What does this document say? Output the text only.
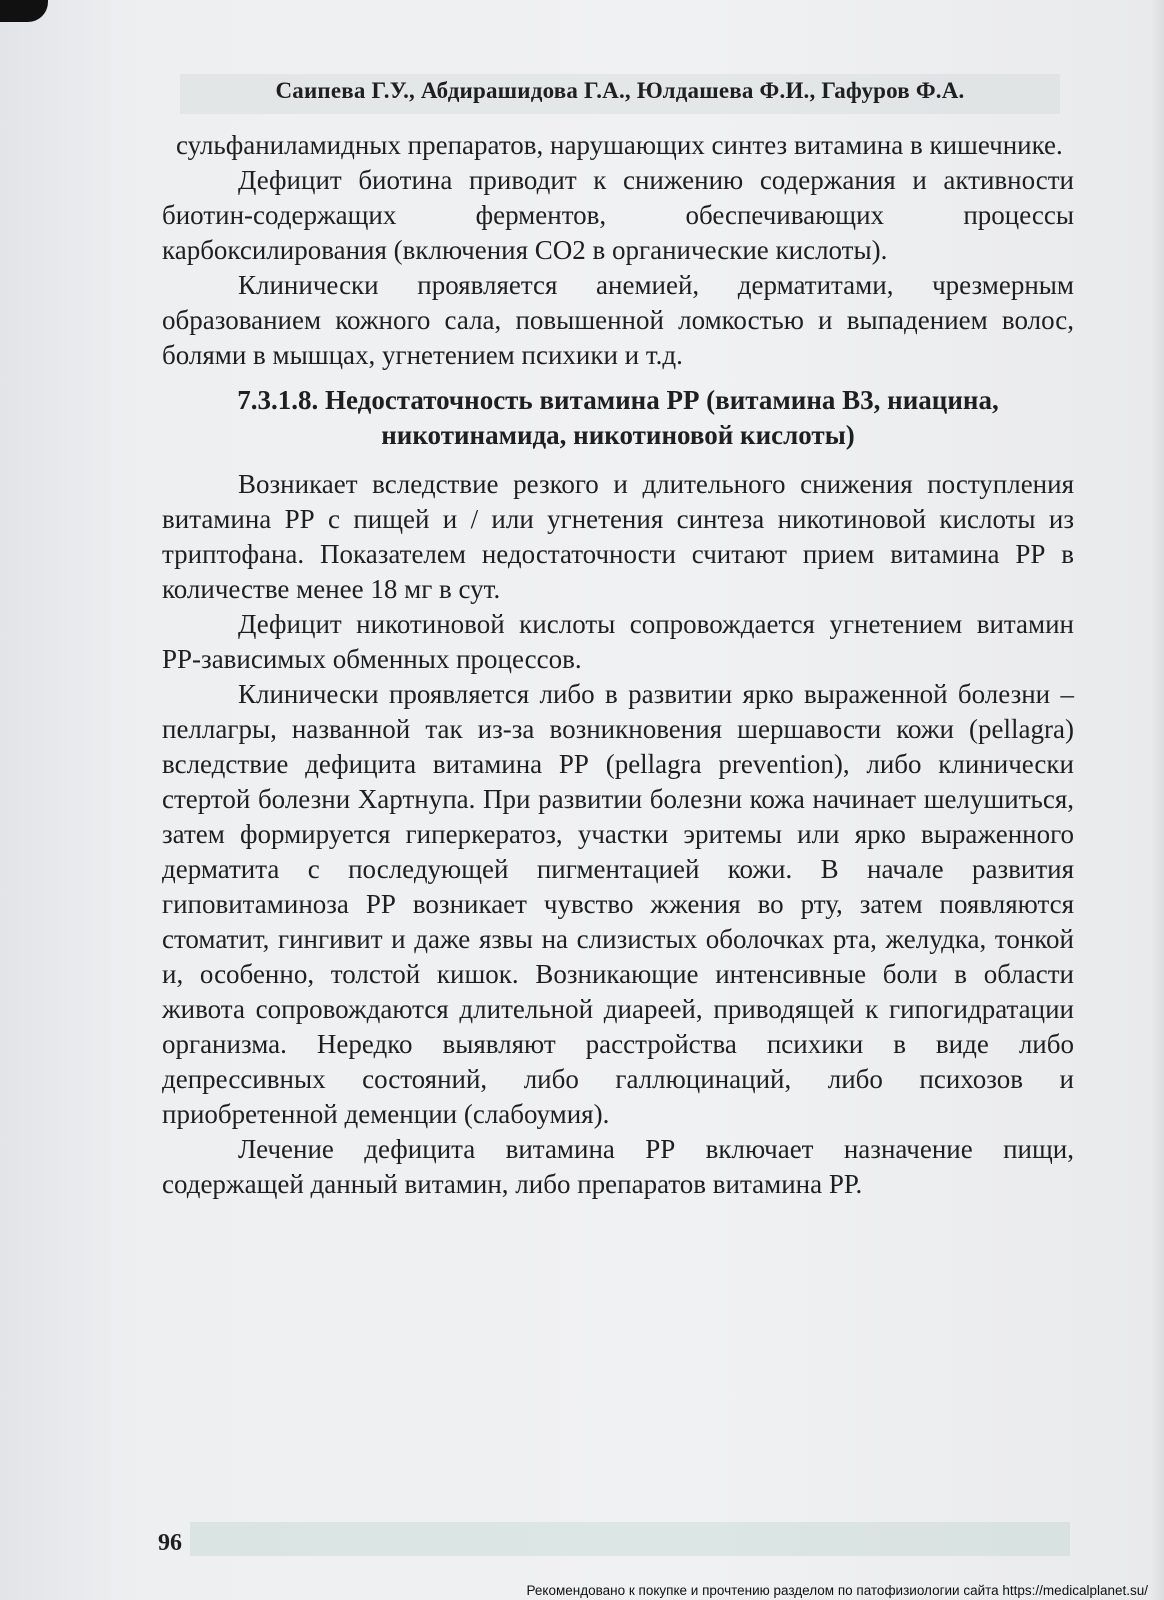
Саипева Г.У., Абдирашидова Г.А., Юлдашева Ф.И., Гафуров Ф.А.

сульфаниламидных препаратов, нарушающих синтез витамина в кишечнике.

Дефицит биотина приводит к снижению содержания и активности биотин-содержащих ферментов, обеспечивающих процессы карбоксилирования (включения СО2 в органические кислоты).

Клинически проявляется анемией, дерматитами, чрезмерным образованием кожного сала, повышенной ломкостью и выпадением волос, болями в мышцах, угнетением психики и т.д.

7.3.1.8. Недостаточность витамина РР (витамина В3, ниацина,
никотинамида, никотиновой кислоты)

Возникает вследствие резкого и длительного снижения поступления витамина РР с пищей и / или угнетения синтеза никотиновой кислоты из триптофана. Показателем недостаточности считают прием витамина РР в количестве менее 18 мг в сут.

Дефицит никотиновой кислоты сопровождается угнетением витамин РР-зависимых обменных процессов.

Клинически проявляется либо в развитии ярко выраженной болезни – пеллагры, названной так из-за возникновения шершавости кожи (pellagra) вследствие дефицита витамина РР (pellagra prevention), либо клинически стертой болезни Хартнупа. При развитии болезни кожа начинает шелушиться, затем формируется гиперкератоз, участки эритемы или ярко выраженного дерматита с последующей пигментацией кожи. В начале развития гиповитаминоза РР возникает чувство жжения во рту, затем появляются стоматит, гингивит и даже язвы на слизистых оболочках рта, желудка, тонкой и, особенно, толстой кишок. Возникающие интенсивные боли в области живота сопровождаются длительной диареей, приводящей к гипогидратации организма. Нередко выявляют расстройства психики в виде либо депрессивных состояний, либо галлюцинаций, либо психозов и приобретенной деменции (слабоумия).

Лечение дефицита витамина РР включает назначение пищи, содержащей данный витамин, либо препаратов витамина РР.

96
Рекомендовано к покупке и прочтению разделом по патофизиологии сайта https://medicalplanet.su/
